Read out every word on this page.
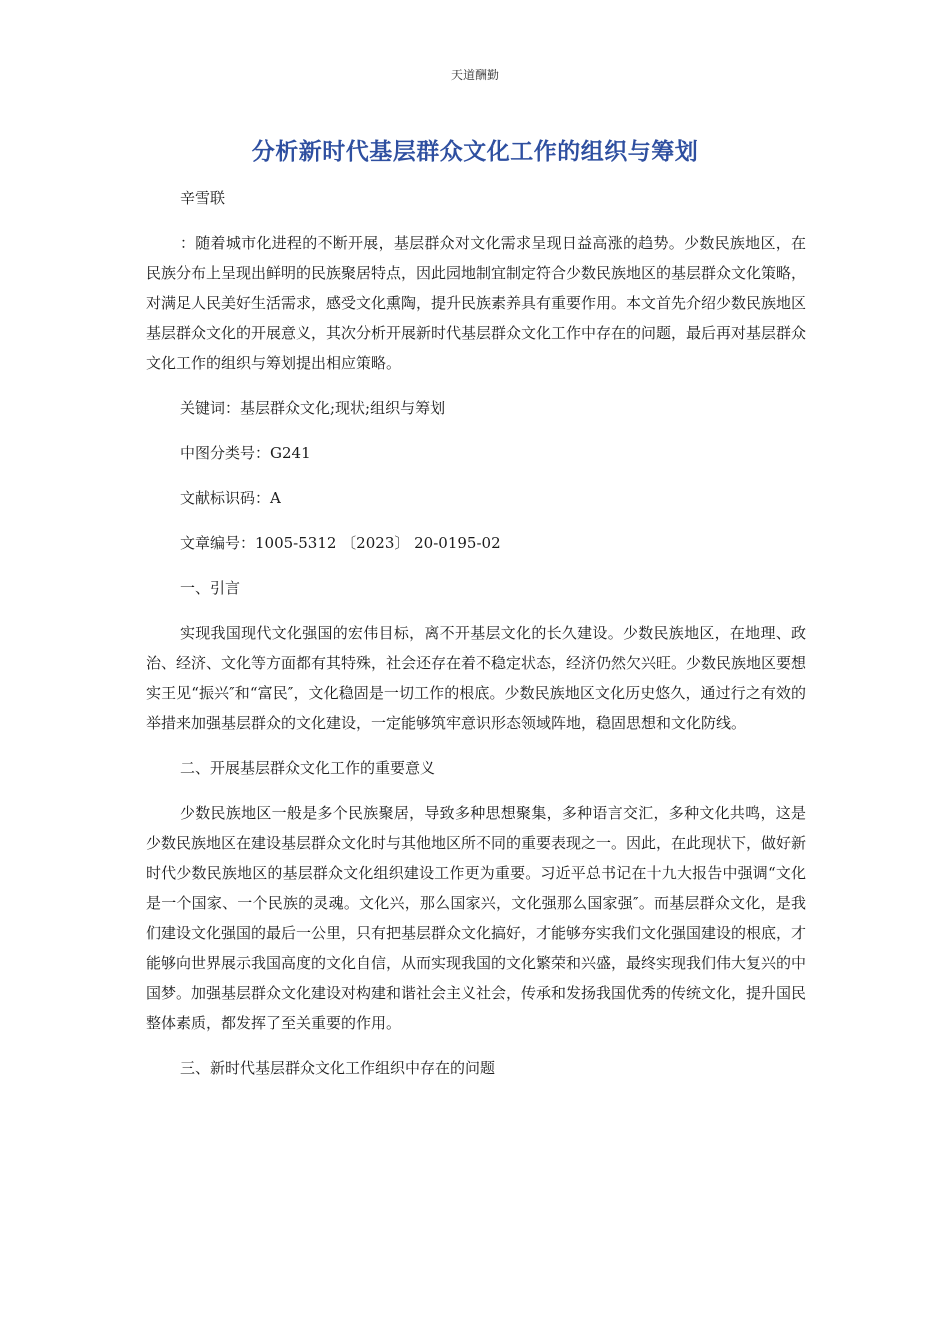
天道酬勤
分析新时代基层群众文化工作的组织与筹划

辛雪联

：随着城市化进程的不断开展，基层群众对文化需求呈现日益高涨的趋势。少数民族地区，在民族分布上呈现出鲜明的民族聚居特点，因此园地制宜制定符合少数民族地区的基层群众文化策略，对满足人民美好生活需求，感受文化熏陶，提升民族素养具有重要作用。本文首先介绍少数民族地区基层群众文化的开展意义，其次分析开展新时代基层群众文化工作中存在的问题，最后再对基层群众文化工作的组织与筹划提出相应策略。

关键词：基层群众文化;现状;组织与筹划

中图分类号：G241

文献标识码：A

文章编号：1005-5312 〔2023〕 20-0195-02

一、引言

实现我国现代文化强国的宏伟目标，离不开基层文化的长久建设。少数民族地区，在地理、政治、经济、文化等方面都有其特殊，社会还存在着不稳定状态，经济仍然欠兴旺。少数民族地区要想实王见“振兴″和“富民″，文化稳固是一切工作的根底。少数民族地区文化历史悠久，通过行之有效的举措来加强基层群众的文化建设，一定能够筑牢意识形态领域阵地，稳固思想和文化防线。

二、开展基层群众文化工作的重要意义

少数民族地区一般是多个民族聚居，导致多种思想聚集，多种语言交汇，多种文化共鸣，这是少数民族地区在建设基层群众文化时与其他地区所不同的重要表现之一。因此，在此现状下，做好新时代少数民族地区的基层群众文化组织建设工作更为重要。习近平总书记在十九大报告中强调“文化是一个国家、一个民族的灵魂。文化兴，那么国家兴，文化强那么国家强″。而基层群众文化，是我们建设文化强国的最后一公里，只有把基层群众文化搞好，才能够夯实我们文化强国建设的根底，才能够向世界展示我国高度的文化自信，从而实现我国的文化繁荣和兴盛，最终实现我们伟大复兴的中国梦。加强基层群众文化建设对构建和谐社会主义社会，传承和发扬我国优秀的传统文化，提升国民整体素质，都发挥了至关重要的作用。

三、新时代基层群众文化工作组织中存在的问题
